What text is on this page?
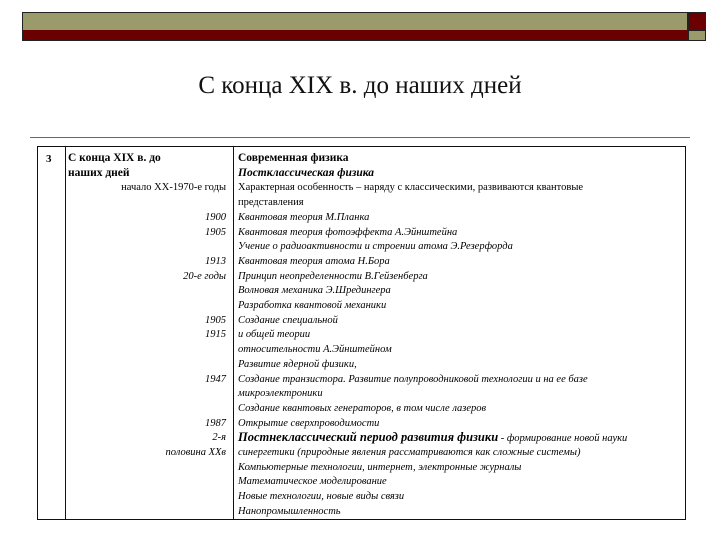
С конца XIX в. до наших дней
3 С конца XIX в. до	Современная физика
наших дней	Постклассическая физика
начало XX-1970-е годы Характерная особенность – наряду с классическими, развиваются квантовые
представления
1900 Квантовая теория М.Планка
1905 Квантовая теория фотоэффекта А.Эйнштейна
Учение о радиоактивности и строении атома Э.Резерфорда
1913 Квантовая теория атома Н.Бора
20-е годы Принцип неопределенности В.Гейзенберга
Волновая механика Э.Шредингера
Разработка квантовой механики
1905 Создание специальной
1915 и общей теории
относительности А.Эйнштейном
Развитие ядерной физики,
1947 Создание транзистора. Развитие полупроводниковой технологии и на ее базе
микроэлектроники
Создание квантовых генераторов, в том числе лазеров
1987 Открытие сверхпроводимости
2-я Постнеклассический период развития физики - формирование новой науки
половина XXв синергетики (природные явления рассматриваются как сложные системы)
Компьютерные технологии, интернет, электронные журналы
Математическое моделирование
Новые технологии, новые виды связи
Нанопромышленность
